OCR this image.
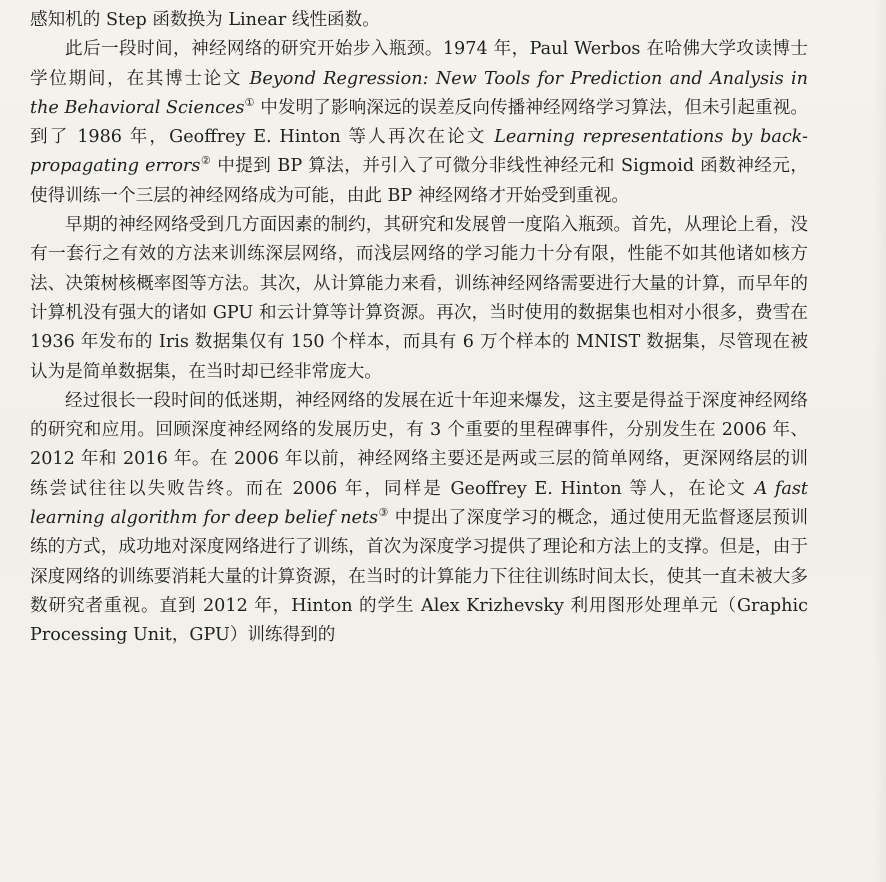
感知机的 Step 函数换为 Linear 线性函数。

此后一段时间，神经网络的研究开始步入瓶颈。1974 年，Paul Werbos 在哈佛大学攻读博士学位期间，在其博士论文 Beyond Regression: New Tools for Prediction and Analysis in the Behavioral Sciences① 中发明了影响深远的误差反向传播神经网络学习算法，但未引起重视。到了 1986 年，Geoffrey E. Hinton 等人再次在论文 Learning representations by back-propagating errors② 中提到 BP 算法，并引入了可微分非线性神经元和 Sigmoid 函数神经元，使得训练一个三层的神经网络成为可能，由此 BP 神经网络才开始受到重视。

早期的神经网络受到几方面因素的制约，其研究和发展曾一度陷入瓶颈。首先，从理论上看，没有一套行之有效的方法来训练深层网络，而浅层网络的学习能力十分有限，性能不如其他诸如核方法、决策树核概率图等方法。其次，从计算能力来看，训练神经网络需要进行大量的计算，而早年的计算机没有强大的诸如 GPU 和云计算等计算资源。再次，当时使用的数据集也相对小很多，费雪在 1936 年发布的 Iris 数据集仅有 150 个样本，而具有 6 万个样本的 MNIST 数据集，尽管现在被认为是简单数据集，在当时却已经非常庞大。

经过很长一段时间的低迷期，神经网络的发展在近十年迎来爆发，这主要是得益于深度神经网络的研究和应用。回顾深度神经网络的发展历史，有 3 个重要的里程碑事件，分别发生在 2006 年、2012 年和 2016 年。在 2006 年以前，神经网络主要还是两或三层的简单网络，更深网络层的训练尝试往往以失败告终。而在 2006 年，同样是 Geoffrey E. Hinton 等人，在论文 A fast learning algorithm for deep belief nets③ 中提出了深度学习的概念，通过使用无监督逐层预训练的方式，成功地对深度网络进行了训练，首次为深度学习提供了理论和方法上的支撑。但是，由于深度网络的训练要消耗大量的计算资源，在当时的计算能力下往往训练时间太长，使其一直未被大多数研究者重视。直到 2012 年，Hinton 的学生 Alex Krizhevsky 利用图形处理单元（Graphic Processing Unit，GPU）训练得到的
